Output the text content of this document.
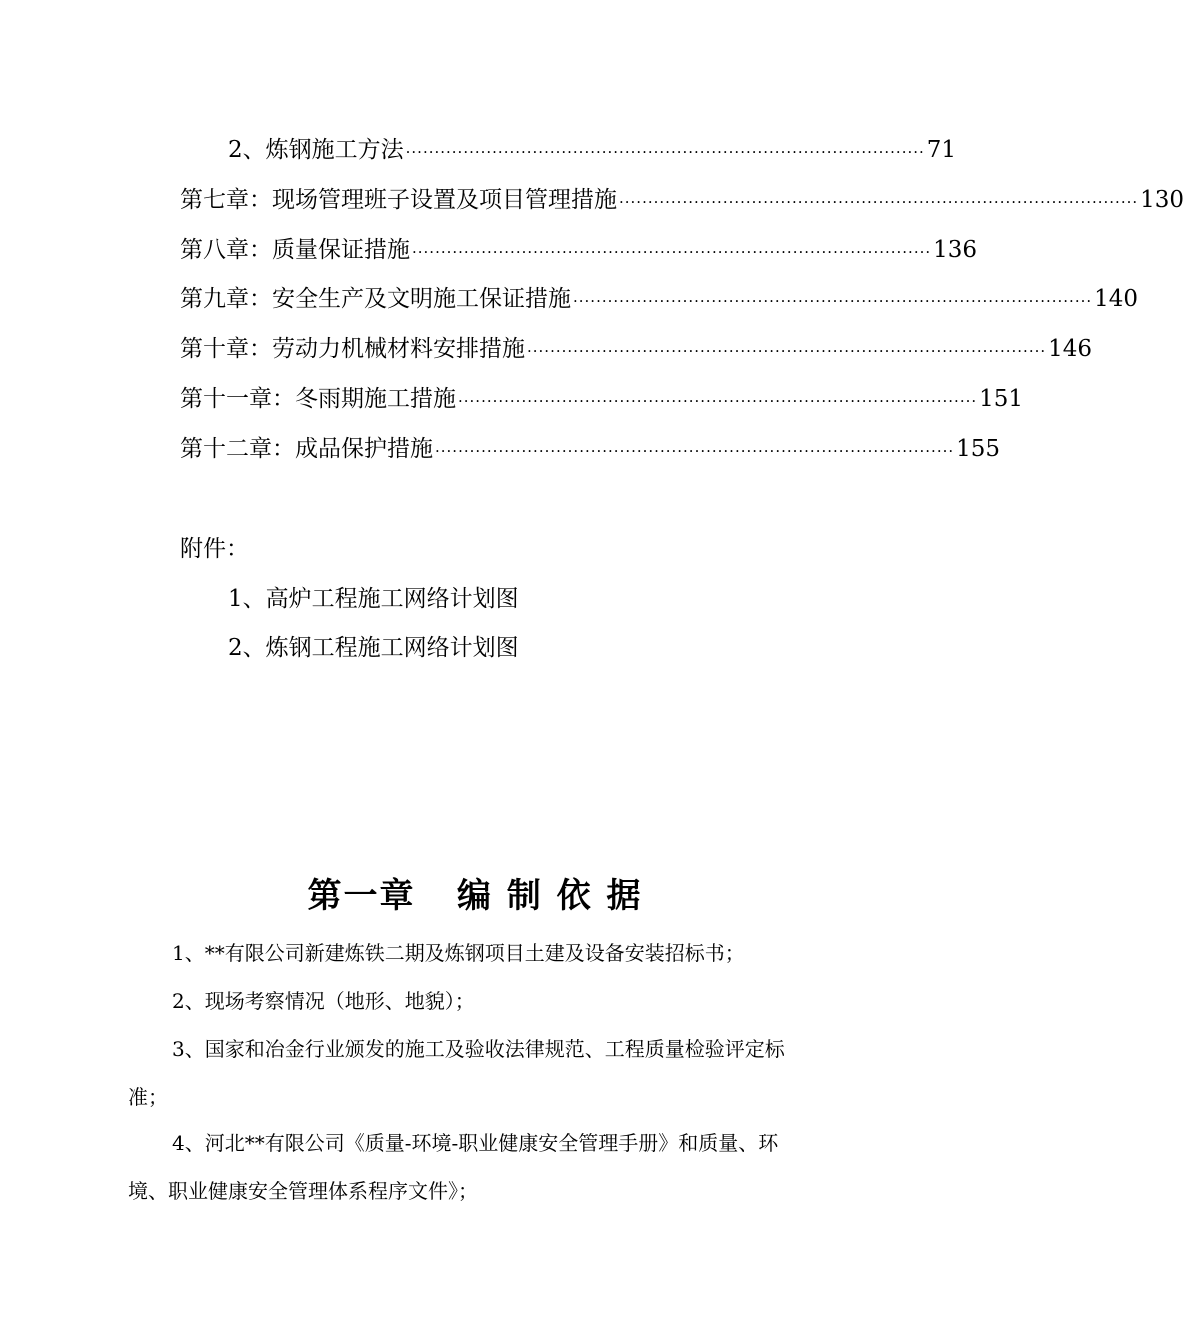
2、炼钢施工方法 ·························································································· 71
第七章：现场管理班子设置及项目管理措施 ·························································································· 130
第八章：质量保证措施 ·························································································· 136
第九章：安全生产及文明施工保证措施 ·························································································· 140
第十章：劳动力机械材料安排措施 ·························································································· 146
第十一章：冬雨期施工措施 ·························································································· 151
第十二章：成品保护措施 ·························································································· 155
附件：
1、高炉工程施工网络计划图
2、炼钢工程施工网络计划图
第一章   编 制 依 据
1、**有限公司新建炼铁二期及炼钢项目土建及设备安装招标书；
2、现场考察情况（地形、地貌）；
3、国家和冶金行业颁发的施工及验收法律规范、工程质量检验评定标
准；
4、河北**有限公司《质量-环境-职业健康安全管理手册》和质量、环
境、职业健康安全管理体系程序文件》；
